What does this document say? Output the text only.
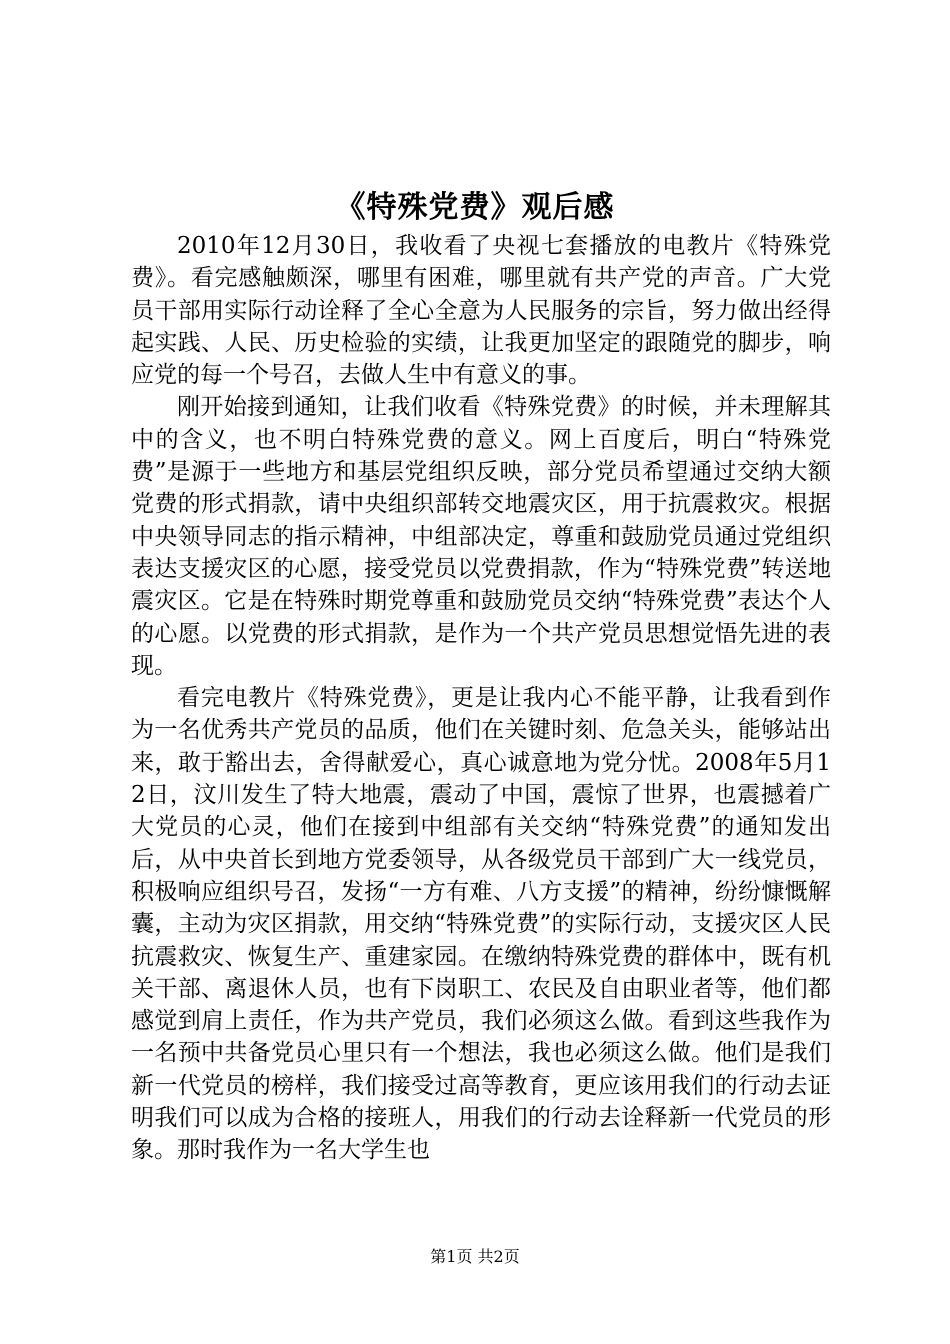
《特殊党费》观后感

2010年12月30日，我收看了央视七套播放的电教片《特殊党费》。看完感触颇深，哪里有困难，哪里就有共产党的声音。广大党员干部用实际行动诠释了全心全意为人民服务的宗旨，努力做出经得起实践、人民、历史检验的实绩，让我更加坚定的跟随党的脚步，响应党的每一个号召，去做人生中有意义的事。

刚开始接到通知，让我们收看《特殊党费》的时候，并未理解其中的含义，也不明白特殊党费的意义。网上百度后，明白“特殊党费”是源于一些地方和基层党组织反映，部分党员希望通过交纳大额党费的形式捐款，请中央组织部转交地震灾区，用于抗震救灾。根据中央领导同志的指示精神，中组部决定，尊重和鼓励党员通过党组织表达支援灾区的心愿，接受党员以党费捐款，作为“特殊党费”转送地震灾区。它是在特殊时期党尊重和鼓励党员交纳“特殊党费”表达个人的心愿。以党费的形式捐款，是作为一个共产党员思想觉悟先进的表现。

看完电教片《特殊党费》，更是让我内心不能平静，让我看到作为一名优秀共产党员的品质，他们在关键时刻、危急关头，能够站出来，敢于豁出去，舍得献爱心，真心诚意地为党分忧。2008年5月12日，汶川发生了特大地震，震动了中国，震惊了世界，也震撼着广大党员的心灵，他们在接到中组部有关交纳“特殊党费”的通知发出后，从中央首长到地方党委领导，从各级党员干部到广大一线党员，积极响应组织号召，发扬“一方有难、八方支援”的精神，纷纷慷慨解囊，主动为灾区捐款，用交纳“特殊党费”的实际行动，支援灾区人民抗震救灾、恢复生产、重建家园。在缴纳特殊党费的群体中，既有机关干部、离退休人员，也有下岗职工、农民及自由职业者等，他们都感觉到肩上责任，作为共产党员，我们必须这么做。看到这些我作为一名预中共备党员心里只有一个想法，我也必须这么做。他们是我们新一代党员的榜样，我们接受过高等教育，更应该用我们的行动去证明我们可以成为合格的接班人，用我们的行动去诠释新一代党员的形象。那时我作为一名大学生也

第1页 共2页
